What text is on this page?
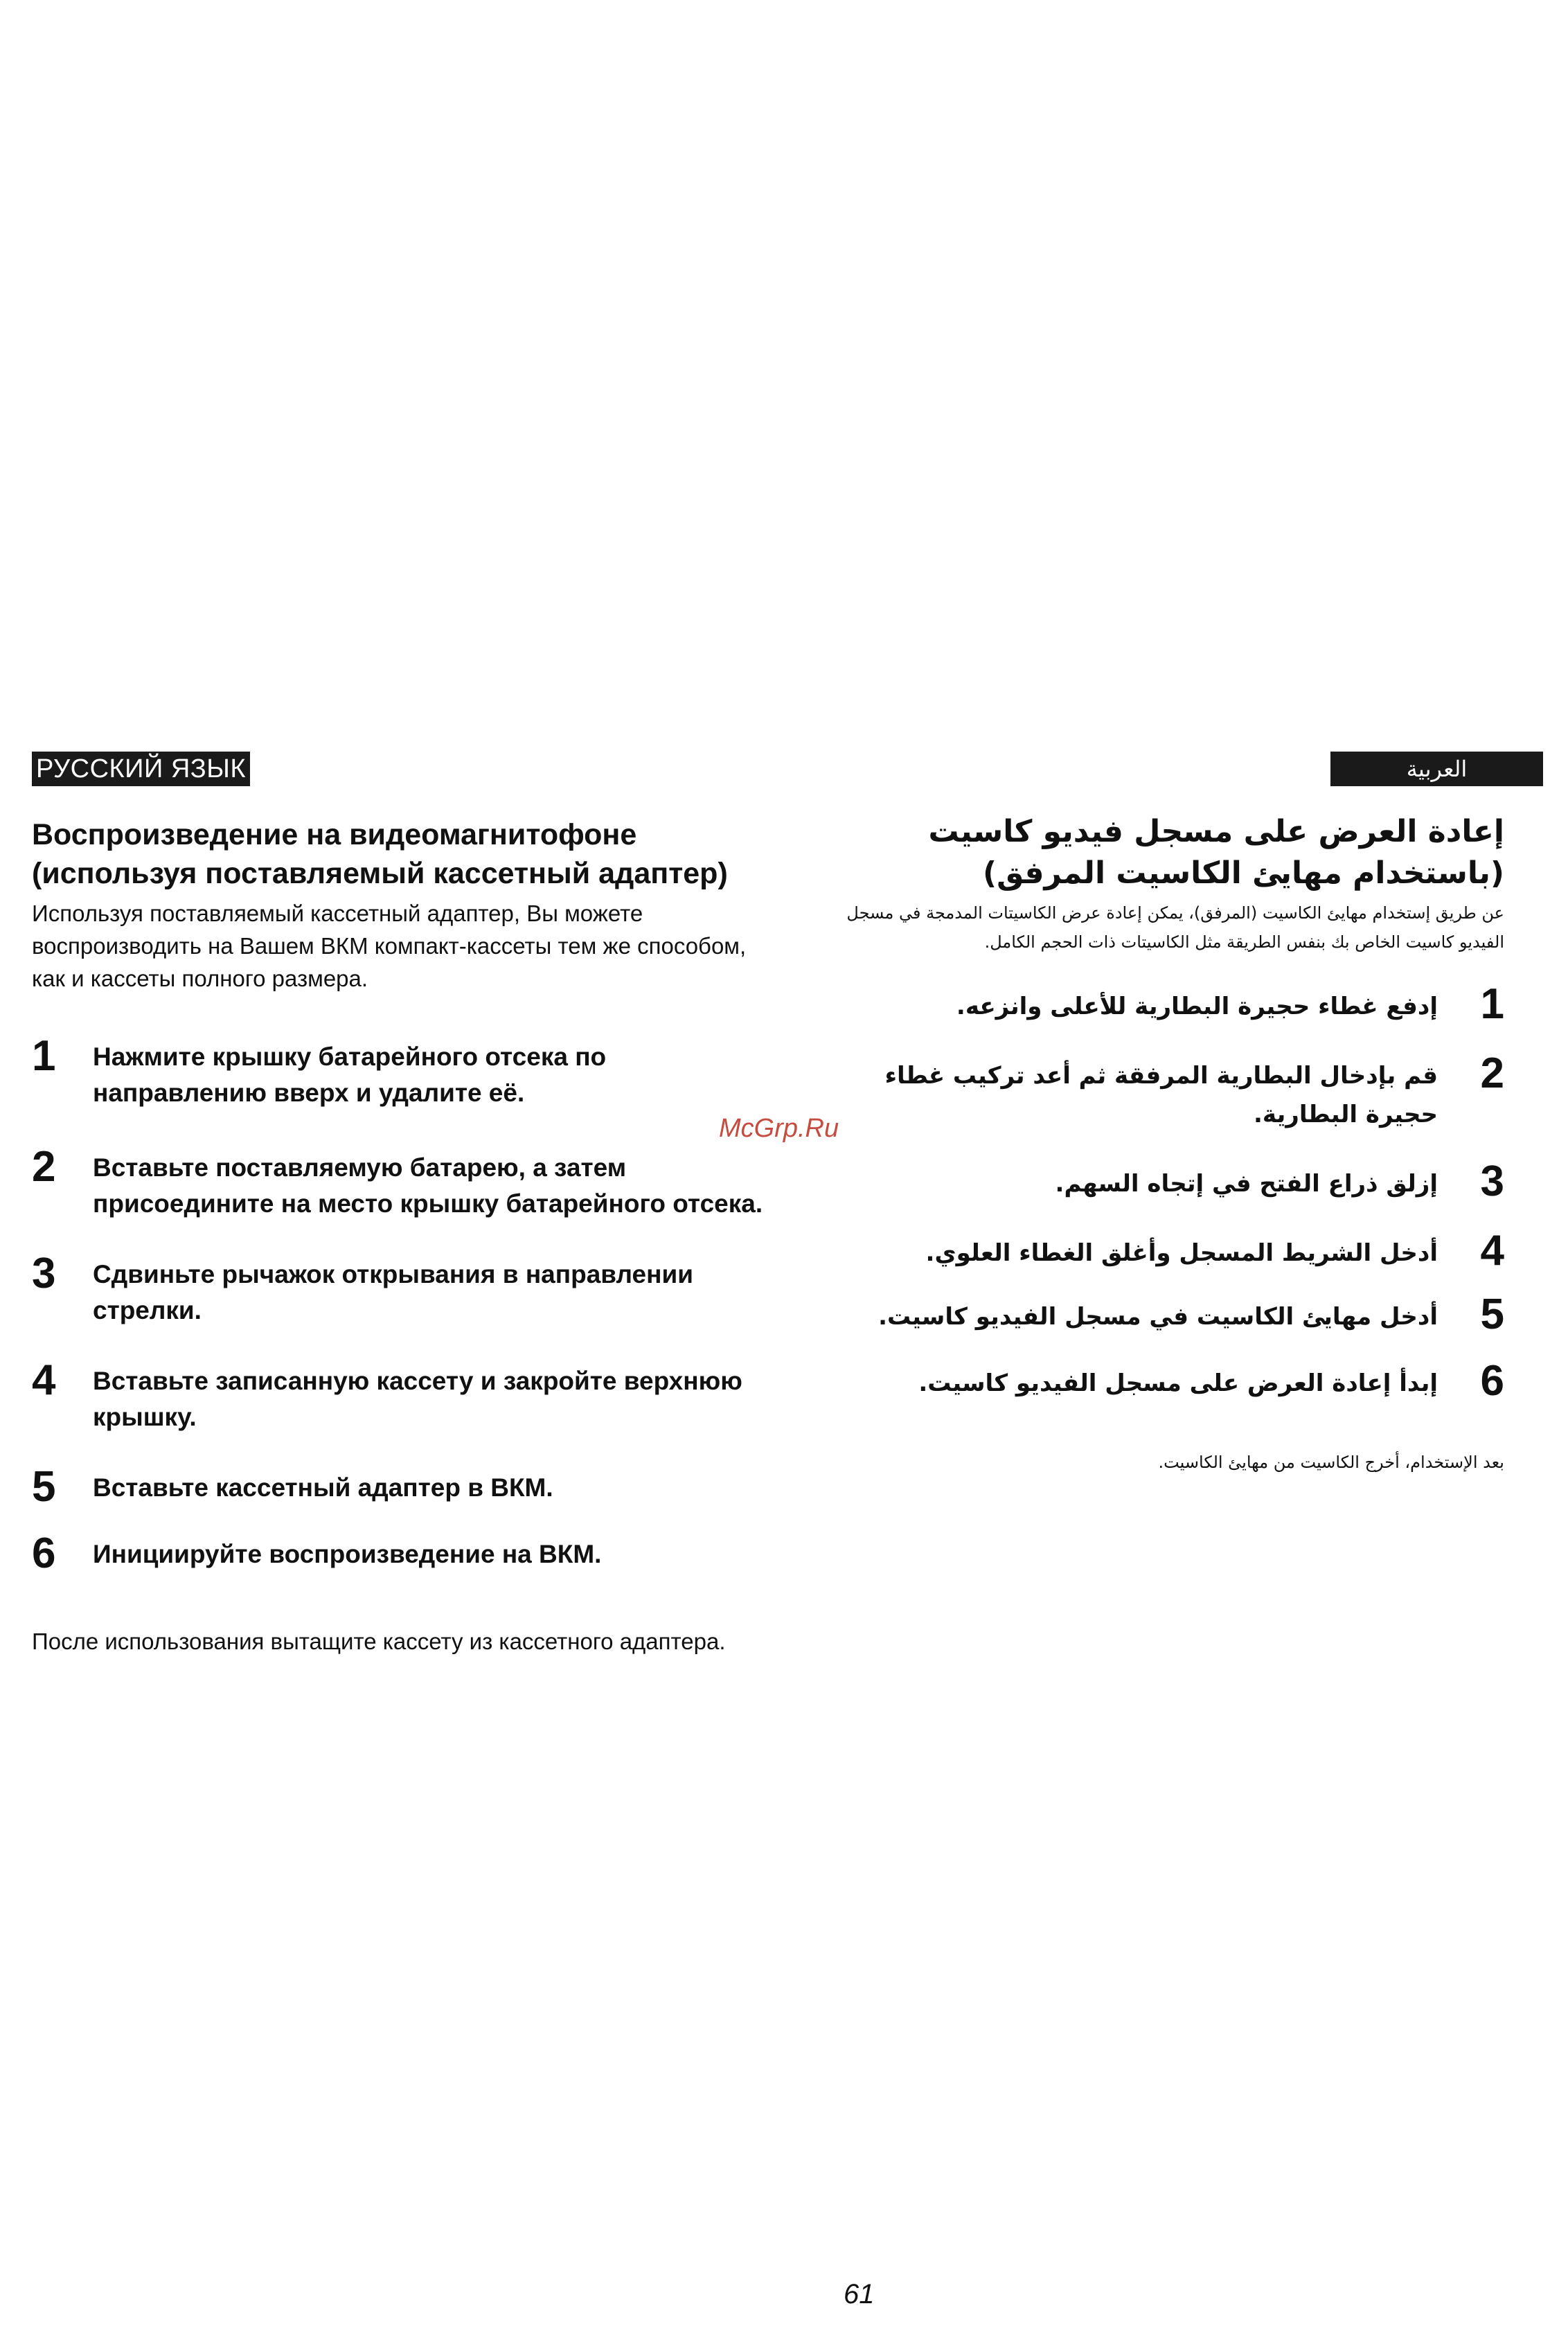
РУССКИЙ ЯЗЫК
Воспроизведение на видеомагнитофоне
(используя поставляемый кассетный адаптер)
Используя поставляемый кассетный адаптер, Вы можете воспроизводить на Вашем ВКМ компакт-кассеты тем же способом, как и кассеты полного размера.
1 Нажмите крышку батарейного отсека по направлению вверх и удалите её.
2 Вставьте поставляемую батарею, а затем присоедините на место крышку батарейного отсека.
3 Сдвиньте рычажок открывания в направлении стрелки.
4 Вставьте записанную кассету и закройте верхнюю крышку.
5 Вставьте кассетный адаптер в ВКМ.
6 Инициируйте воспроизведение на ВКМ.
После использования вытащите кассету из кассетного адаптера.
العربية
إعادة العرض على مسجل فيديو كاسيت
(باستخدام مهايئ الكاسيت المرفق)
عن طريق إستخدام مهايئ الكاسيت (المرفق)، يمكن إعادة عرض الكاسيتات المدمجة في مسجل الفيديو كاسيت الخاص بك بنفس الطريقة مثل الكاسيتات ذات الحجم الكامل.
1
إدفع غطاء حجيرة البطارية للأعلى وانزعه.
2
قم بإدخال البطارية المرفقة ثم أعد تركيب غطاء حجيرة البطارية.
3
إزلق ذراع الفتح في إتجاه السهم.
4
أدخل الشريط المسجل وأغلق الغطاء العلوي.
5
أدخل مهايئ الكاسيت في مسجل الفيديو كاسيت.
6
إبدأ إعادة العرض على مسجل الفيديو كاسيت.
بعد الإستخدام، أخرج الكاسيت من مهايئ الكاسيت.
McGrp.Ru
61
